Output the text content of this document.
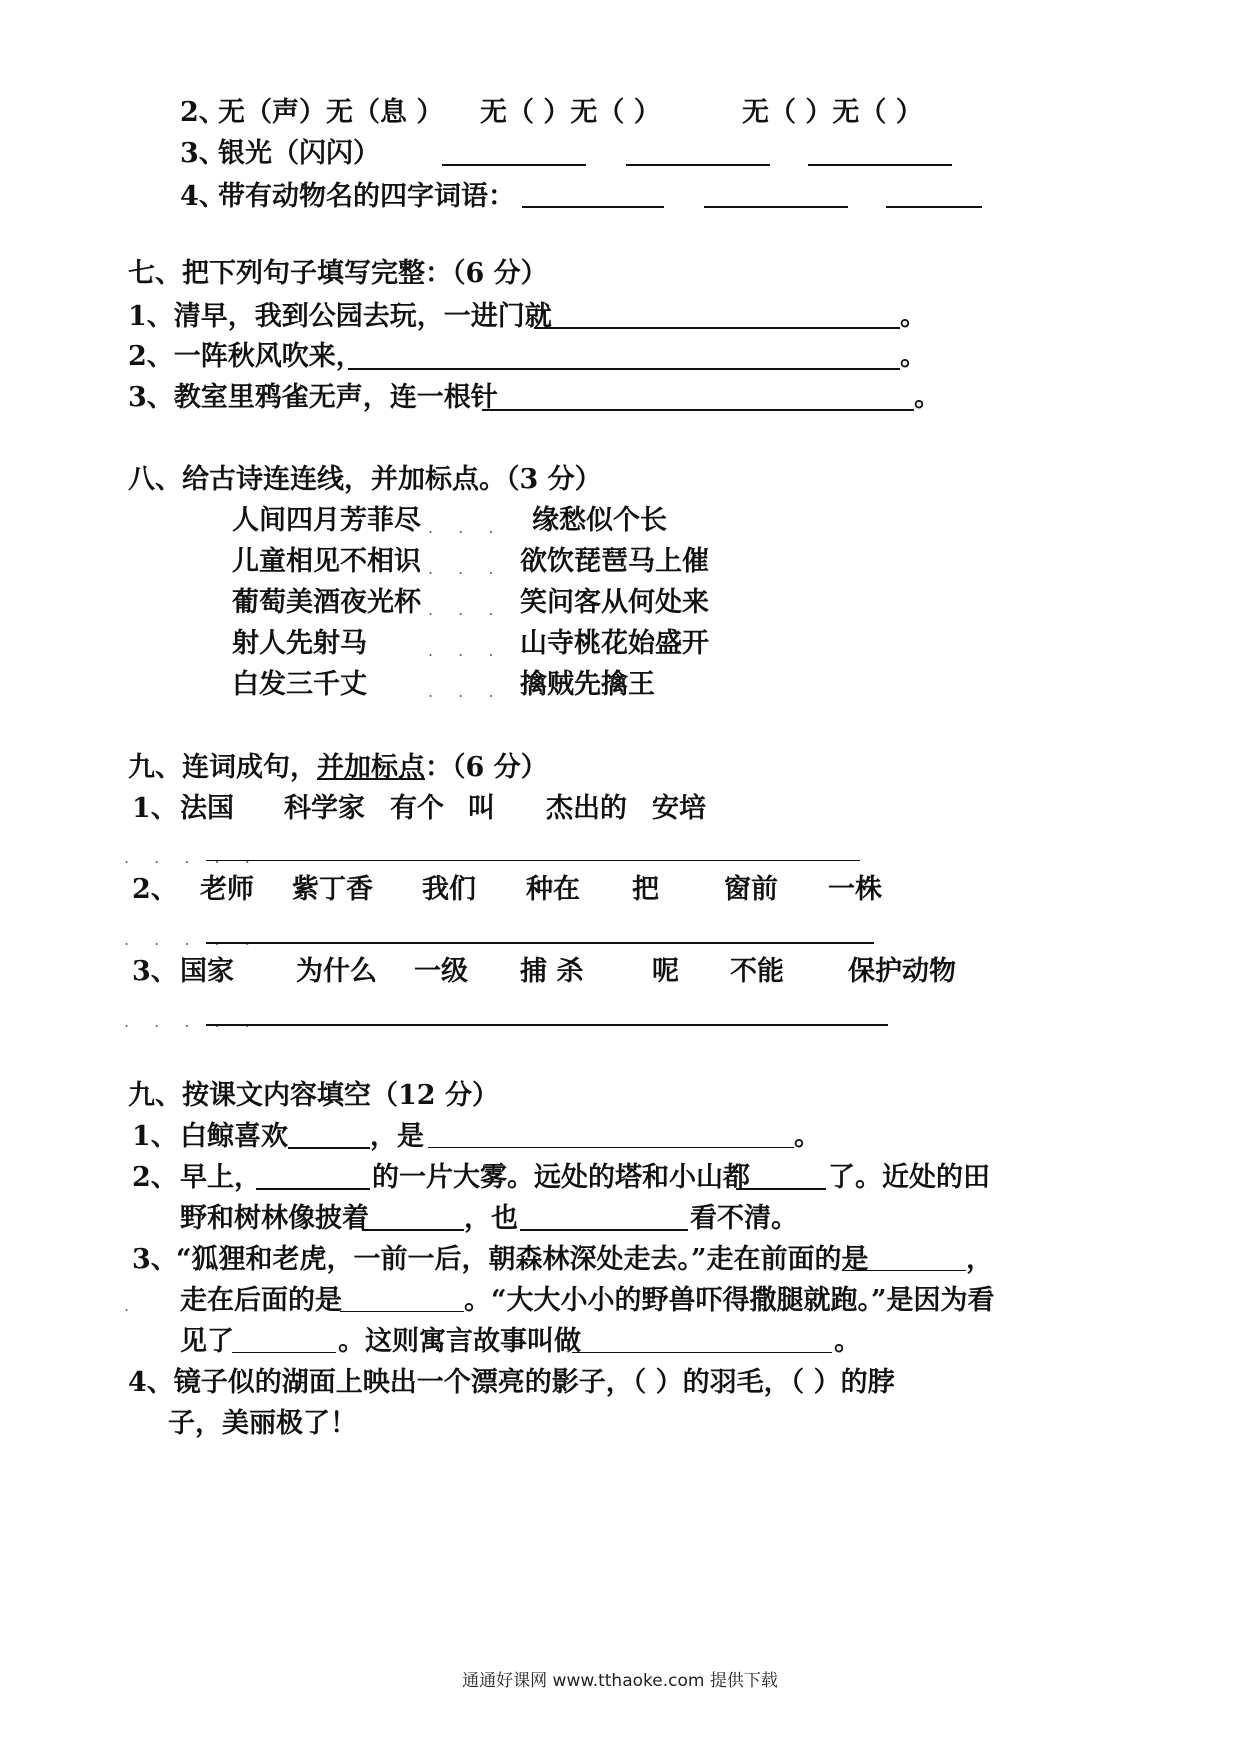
2、
无（声）无（息 ） 无（ ）无（ ）	无（ ）无（ ）
3、
银光（闪闪）
4、
带有动物名的四字词语：
七、把下列句子填写完整：（6 分）
1、清早，我到公园去玩，一进门就	。
2、一阵秋风吹来，	。
3、教室里鸦雀无声，连一根针	。
八、给古诗连连线，并加标点。（3 分）
人间四月芳菲尽 . . . 缘愁似个长
儿童相见不相识 . . . 欲饮琵琶马上催
葡萄美酒夜光杯 . . . 笑问客从何处来
射人先射马	. . . 山寺桃花始盛开
白发三千丈	. . . 擒贼先擒王
九、连词成句，并加标点：（6 分）
1、 法国 科学家 有个 叫 杰出的 安培
. . . . .
2、 老师 紫丁香 我们 种在 把 窗前 一株
. . . . .
3、 国家 为什么 一级 捕 杀	呢 不能 保护动物
. . . . .
九、按课文内容填空（12 分）
1、 白鲸喜欢	，是	。
2、 早上，	的一片大雾。远处的塔和小山都	了。近处的田
野和树林像披着	，也	看不清。
3、
“狐狸和老虎，一前一后，朝森林深处走去。”走在前面的是	，
. 走在后面的是	。“大大小小的野兽吓得撒腿就跑。”是因为看
见了	。这则寓言故事叫做	。
4、镜子似的湖面上映出一个漂亮的影子，（ ）的羽毛，（ ）的脖
子，美丽极了！
通通好课网 www.tthaoke.com 提供下载
